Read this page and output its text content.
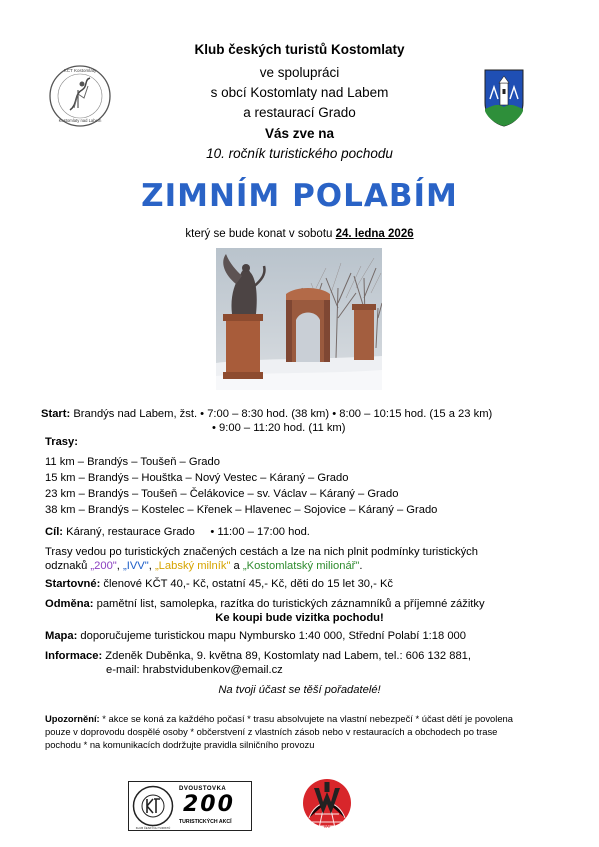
KČT Kostomlaty
Kostomlaty nad Labem
Klub českých turistů Kostomlaty
ve spolupráci
s obcí Kostomlaty nad Labem
a restaurací Grado
Vás zve na
10. ročník turistického pochodu
ZIMNÍM POLABÍM
který se bude konat v sobotu 24. ledna 2026
Start: Brandýs nad Labem, žst. • 7:00 – 8:30 hod. (38 km) • 8:00 – 10:15 hod. (15 a 23 km)
• 9:00 – 11:20 hod. (11 km)
Trasy:
11 km – Brandýs – Toušeň – Grado
15 km – Brandýs – Houštka – Nový Vestec – Káraný – Grado
23 km – Brandýs – Toušeň – Čelákovice – sv. Václav – Káraný – Grado
38 km – Brandýs – Kostelec – Křenek – Hlavenec – Sojovice – Káraný – Grado
Cíl: Káraný, restaurace Grado     • 11:00 – 17:00 hod.
Trasy vedou po turistických značených cestách a lze na nich plnit podmínky turistických
odznaků „200", „IVV", „Labský milník" a „Kostomlatský milionář".
Startovné: členové KČT 40,- Kč, ostatní 45,- Kč, děti do 15 let 30,- Kč
Odměna: pamětní list, samolepka, razítka do turistických záznamníků a příjemné zážitky
Ke koupi bude vizitka pochodu!
Mapa: doporučujeme turistickou mapu Nymbursko 1:40 000, Střední Polabí 1:18 000
Informace: Zdeněk Duběnka, 9. května 89, Kostomlaty nad Labem, tel.: 606 132 881,
e-mail: hrabstvidubenkov@email.cz
Na tvoji účast se těší pořadatelé!
Upozornění: * akce se koná za každého počasí * trasu absolvujete na vlastní nebezpečí * účast dětí je povolena
pouze v doprovodu dospělé osoby * občerstvení z vlastních zásob nebo v restauracích a obchodech po trase
pochodu * na komunikacích dodržujte pravidla silničního provozu
DVOUSTOVKA
200
TURISTICKÝCH AKCÍ
KLUB ČESKÝCH TURISTŮ	IVV
